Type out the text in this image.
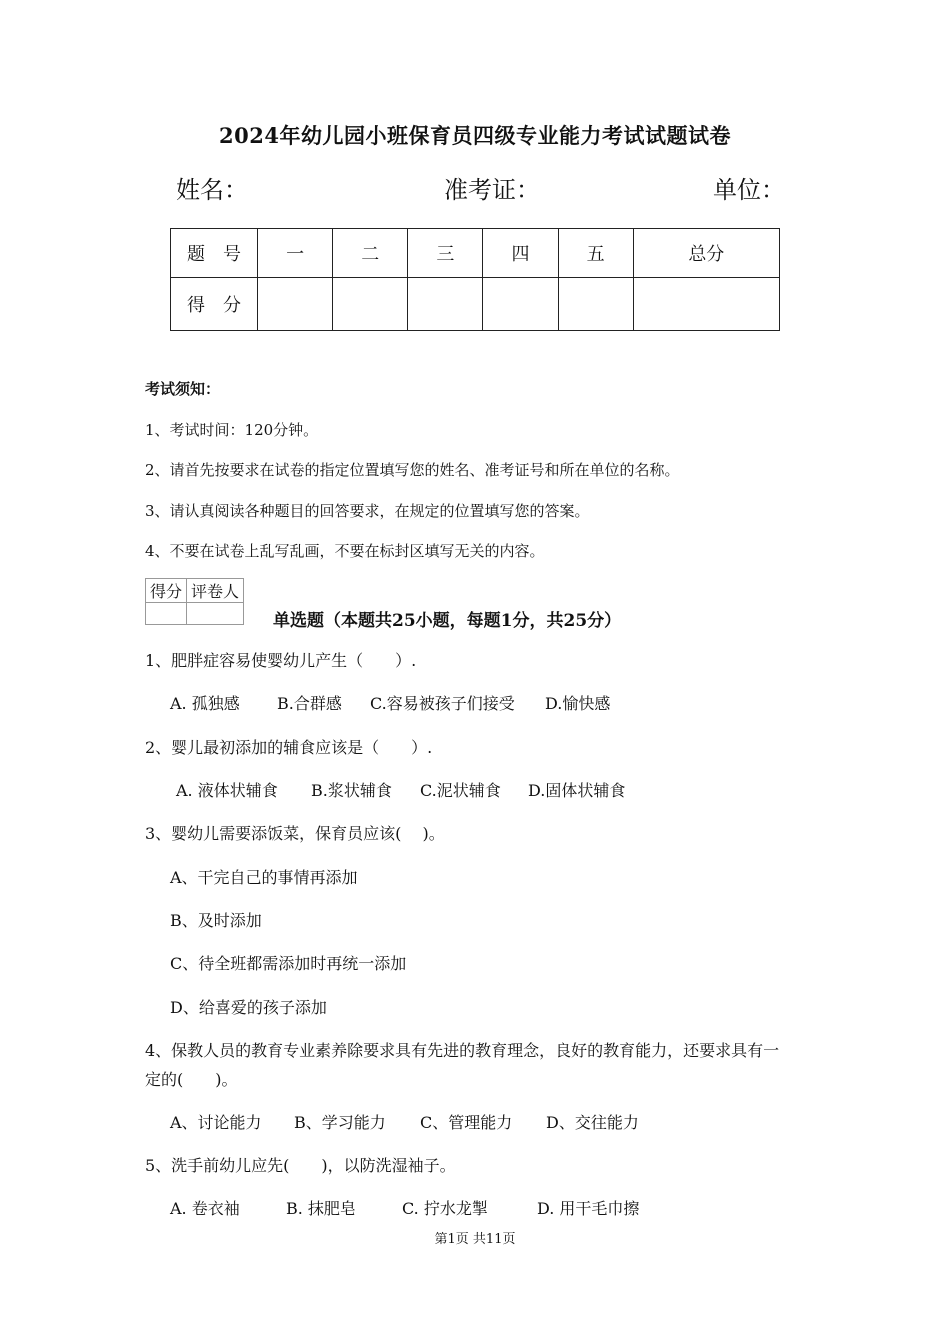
2024年幼儿园小班保育员四级专业能力考试试题试卷
姓名：	准考证：	单位：
题　号	一	二	三	四	五	总分
得　分						
考试须知：
1、考试时间：120分钟。
2、请首先按要求在试卷的指定位置填写您的姓名、准考证号和所在单位的名称。
3、请认真阅读各种题目的回答要求，在规定的位置填写您的答案。
4、不要在试卷上乱写乱画，不要在标封区填写无关的内容。
得分	评卷人

单选题（本题共25小题，每题1分，共25分）
1、肥胖症容易使婴幼儿产生（　　）.
A. 孤独感 B.合群感 C.容易被孩子们接受 D.愉快感
2、婴儿最初添加的辅食应该是（　　）.
A. 液体状辅食 B.浆状辅食 C.泥状辅食 D.固体状辅食
3、婴幼儿需要添饭菜，保育员应该(　 )。
A、干完自己的事情再添加
B、及时添加
C、待全班都需添加时再统一添加
D、给喜爱的孩子添加
4、保教人员的教育专业素养除要求具有先进的教育理念，良好的教育能力，还要求具有一
定的(　　)。
A、讨论能力 B、学习能力 C、管理能力 D、交往能力
5、洗手前幼儿应先(　　)，以防洗湿袖子。
A. 卷衣袖	B. 抹肥皂	C. 拧水龙掣	D. 用干毛巾擦
第1页 共11页
